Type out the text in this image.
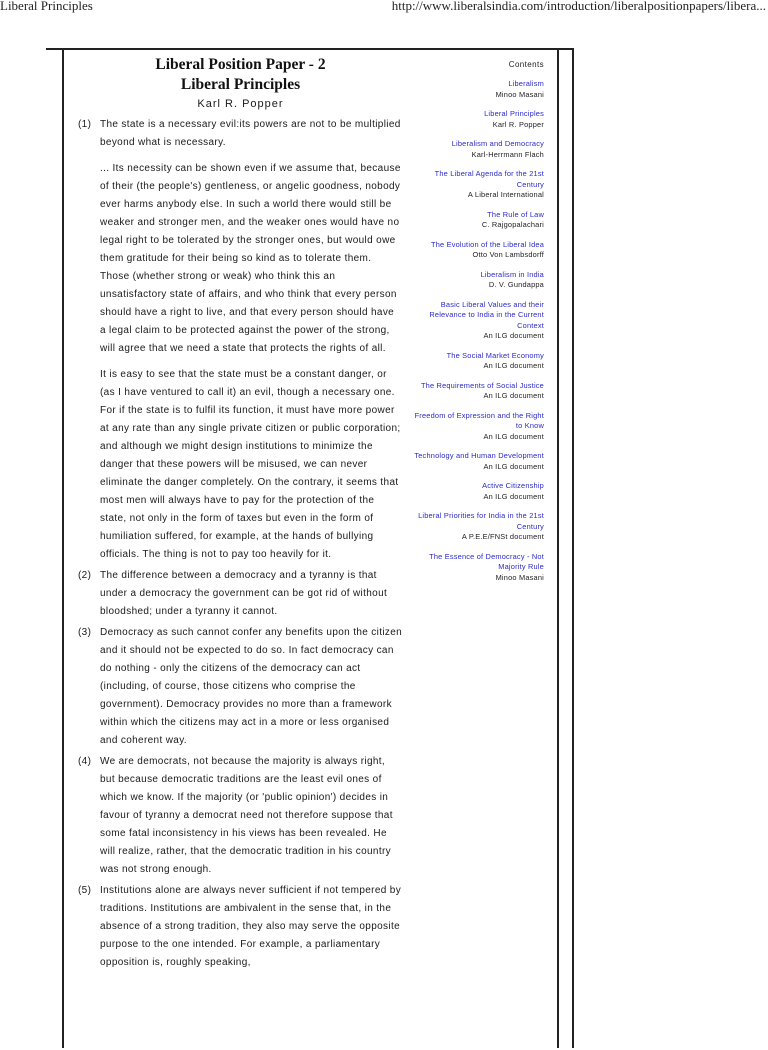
Liberal Principles	http://www.liberalsindia.com/introduction/liberalpositionpapers/libera...
Liberal Position Paper - 2
Liberal Principles
Karl R. Popper
(1) The state is a necessary evil:its powers are not to be multiplied beyond what is necessary.

... Its necessity can be shown even if we assume that, because of their (the people's) gentleness, or angelic goodness, nobody ever harms anybody else. In such a world there would still be weaker and stronger men, and the weaker ones would have no legal right to be tolerated by the stronger ones, but would owe them gratitude for their being so kind as to tolerate them. Those (whether strong or weak) who think this an unsatisfactory state of affairs, and who think that every person should have a right to live, and that every person should have a legal claim to be protected against the power of the strong, will agree that we need a state that protects the rights of all.

It is easy to see that the state must be a constant danger, or (as I have ventured to call it) an evil, though a necessary one. For if the state is to fulfil its function, it must have more power at any rate than any single private citizen or public corporation; and although we might design institutions to minimize the danger that these powers will be misused, we can never eliminate the danger completely. On the contrary, it seems that most men will always have to pay for the protection of the state, not only in the form of taxes but even in the form of humiliation suffered, for example, at the hands of bullying officials. The thing is not to pay too heavily for it.

(2) The difference between a democracy and a tyranny is that under a democracy the government can be got rid of without bloodshed; under a tyranny it cannot.

(3) Democracy as such cannot confer any benefits upon the citizen and it should not be expected to do so. In fact democracy can do nothing - only the citizens of the democracy can act (including, of course, those citizens who comprise the government). Democracy provides no more than a framework within which the citizens may act in a more or less organised and coherent way.

(4) We are democrats, not because the majority is always right, but because democratic traditions are the least evil ones of which we know. If the majority (or 'public opinion') decides in favour of tyranny a democrat need not therefore suppose that some fatal inconsistency in his views has been revealed. He will realize, rather, that the democratic tradition in his country was not strong enough.

(5) Institutions alone are always never sufficient if not tempered by traditions. Institutions are ambivalent in the sense that, in the absence of a strong tradition, they also may serve the opposite purpose to the one intended. For example, a parliamentary opposition is, roughly speaking,

Contents
Liberalism
Minoo Masani
Liberal Principles
Karl R. Popper
Liberalism and Democracy
Karl-Herrmann Flach
The Liberal Agenda for the 21st Century
A Liberal International
The Rule of Law
C. Rajgopalachari
The Evolution of the Liberal Idea
Otto Von Lambsdorff
Liberalism in India
D. V. Gundappa
Basic Liberal Values and their Relevance to India in the Current Context
An ILG document
The Social Market Economy
An ILG document
The Requirements of Social Justice
An ILG document
Freedom of Expression and the Right to Know
An ILG document
Technology and Human Development
An ILG document
Active Citizenship
An ILG document
Liberal Priorities for India in the 21st Century
A P.E.E/FNSt document
The Essence of Democracy - Not Majority Rule
Minoo Masani
